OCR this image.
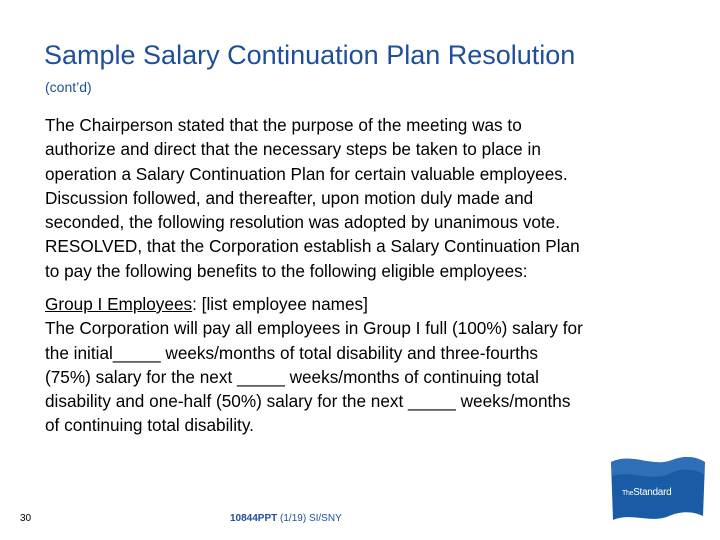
Sample Salary Continuation Plan Resolution
(cont’d)
The Chairperson stated that the purpose of the meeting was to
authorize and direct that the necessary steps be taken to place in
operation a Salary Continuation Plan for certain valuable employees.
Discussion followed, and thereafter, upon motion duly made and
seconded, the following resolution was adopted by unanimous vote.
RESOLVED, that the Corporation establish a Salary Continuation Plan
to pay the following benefits to the following eligible employees:
Group I Employees: [list employee names]
The Corporation will pay all employees in Group I full (100%) salary for
the initial_____ weeks/months of total disability and three-fourths
(75%) salary for the next _____ weeks/months of continuing total
disability and one-half (50%) salary for the next _____ weeks/months
of continuing total disability.
30	10844PPT (1/19) SI/SNY
TheStandard
